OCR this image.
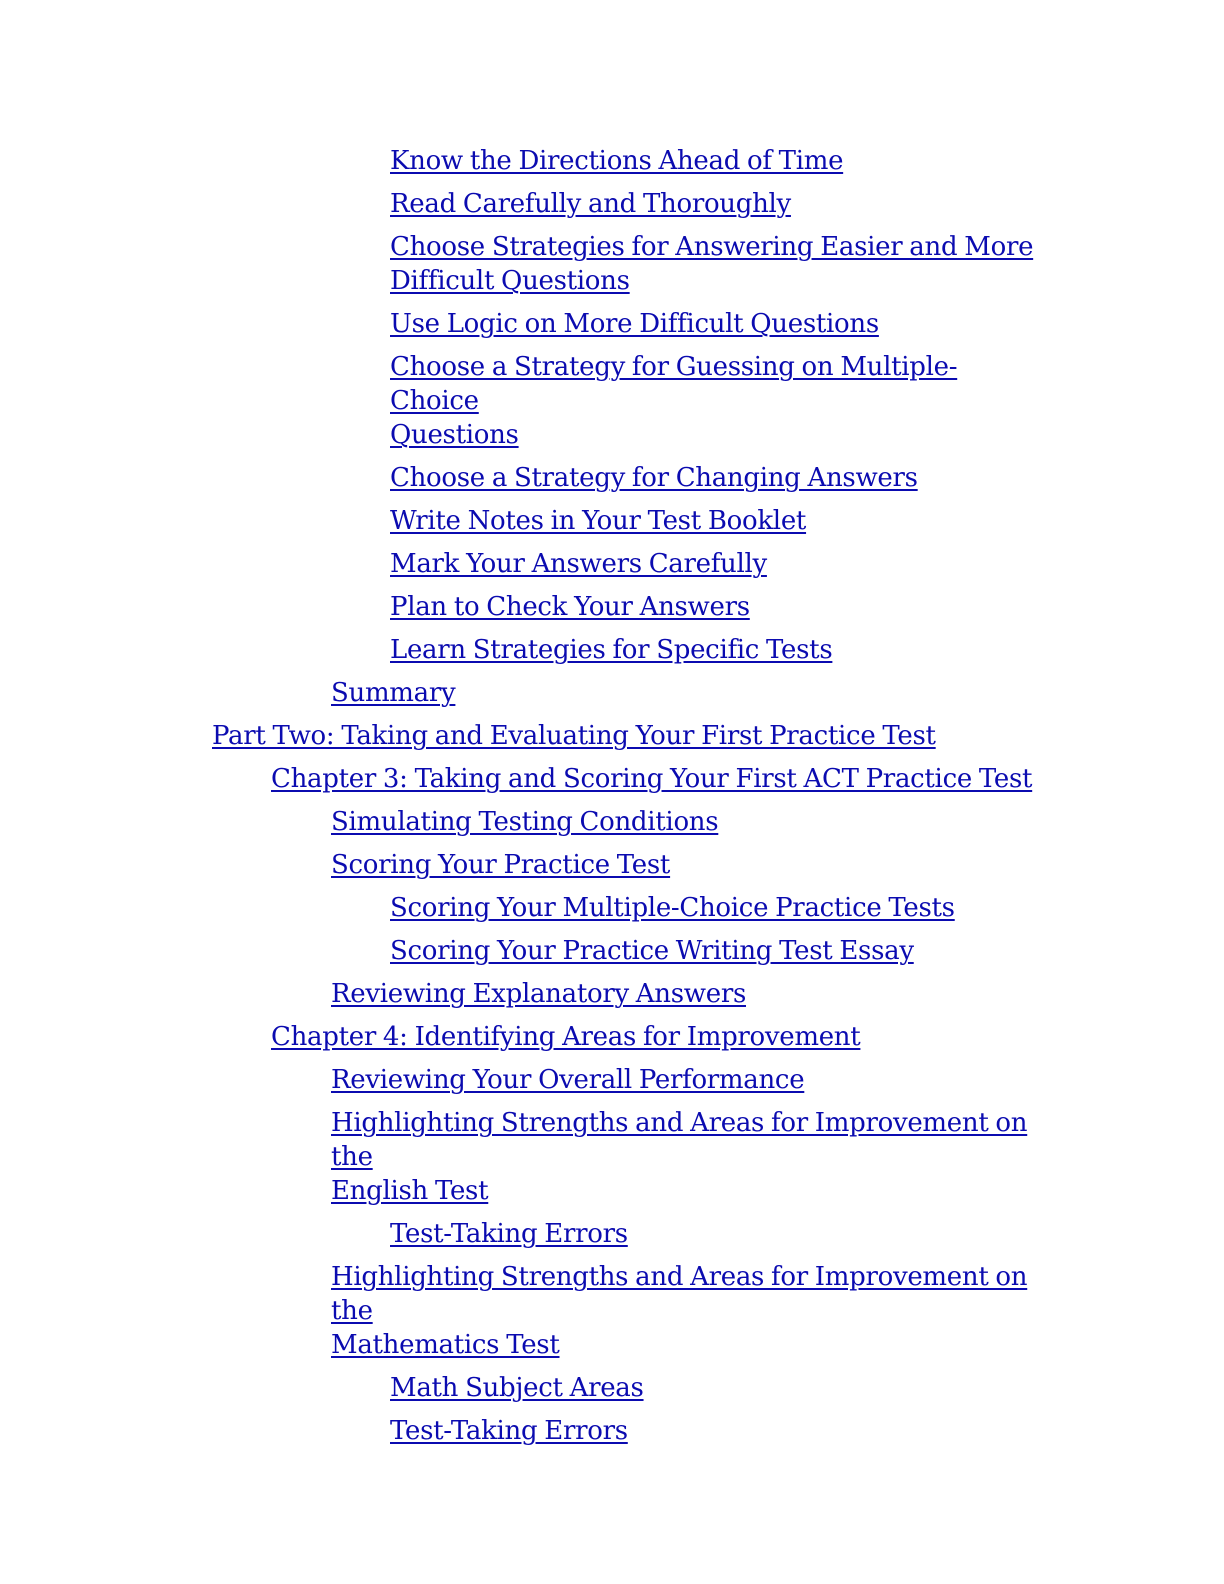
Know the Directions Ahead of Time
Read Carefully and Thoroughly
Choose Strategies for Answering Easier and More
Difficult Questions
Use Logic on More Difficult Questions
Choose a Strategy for Guessing on Multiple-Choice
Questions
Choose a Strategy for Changing Answers
Write Notes in Your Test Booklet
Mark Your Answers Carefully
Plan to Check Your Answers
Learn Strategies for Specific Tests
Summary
Part Two: Taking and Evaluating Your First Practice Test
Chapter 3: Taking and Scoring Your First ACT Practice Test
Simulating Testing Conditions
Scoring Your Practice Test
Scoring Your Multiple-Choice Practice Tests
Scoring Your Practice Writing Test Essay
Reviewing Explanatory Answers
Chapter 4: Identifying Areas for Improvement
Reviewing Your Overall Performance
Highlighting Strengths and Areas for Improvement on the
English Test
Test-Taking Errors
Highlighting Strengths and Areas for Improvement on the
Mathematics Test
Math Subject Areas
Test-Taking Errors
